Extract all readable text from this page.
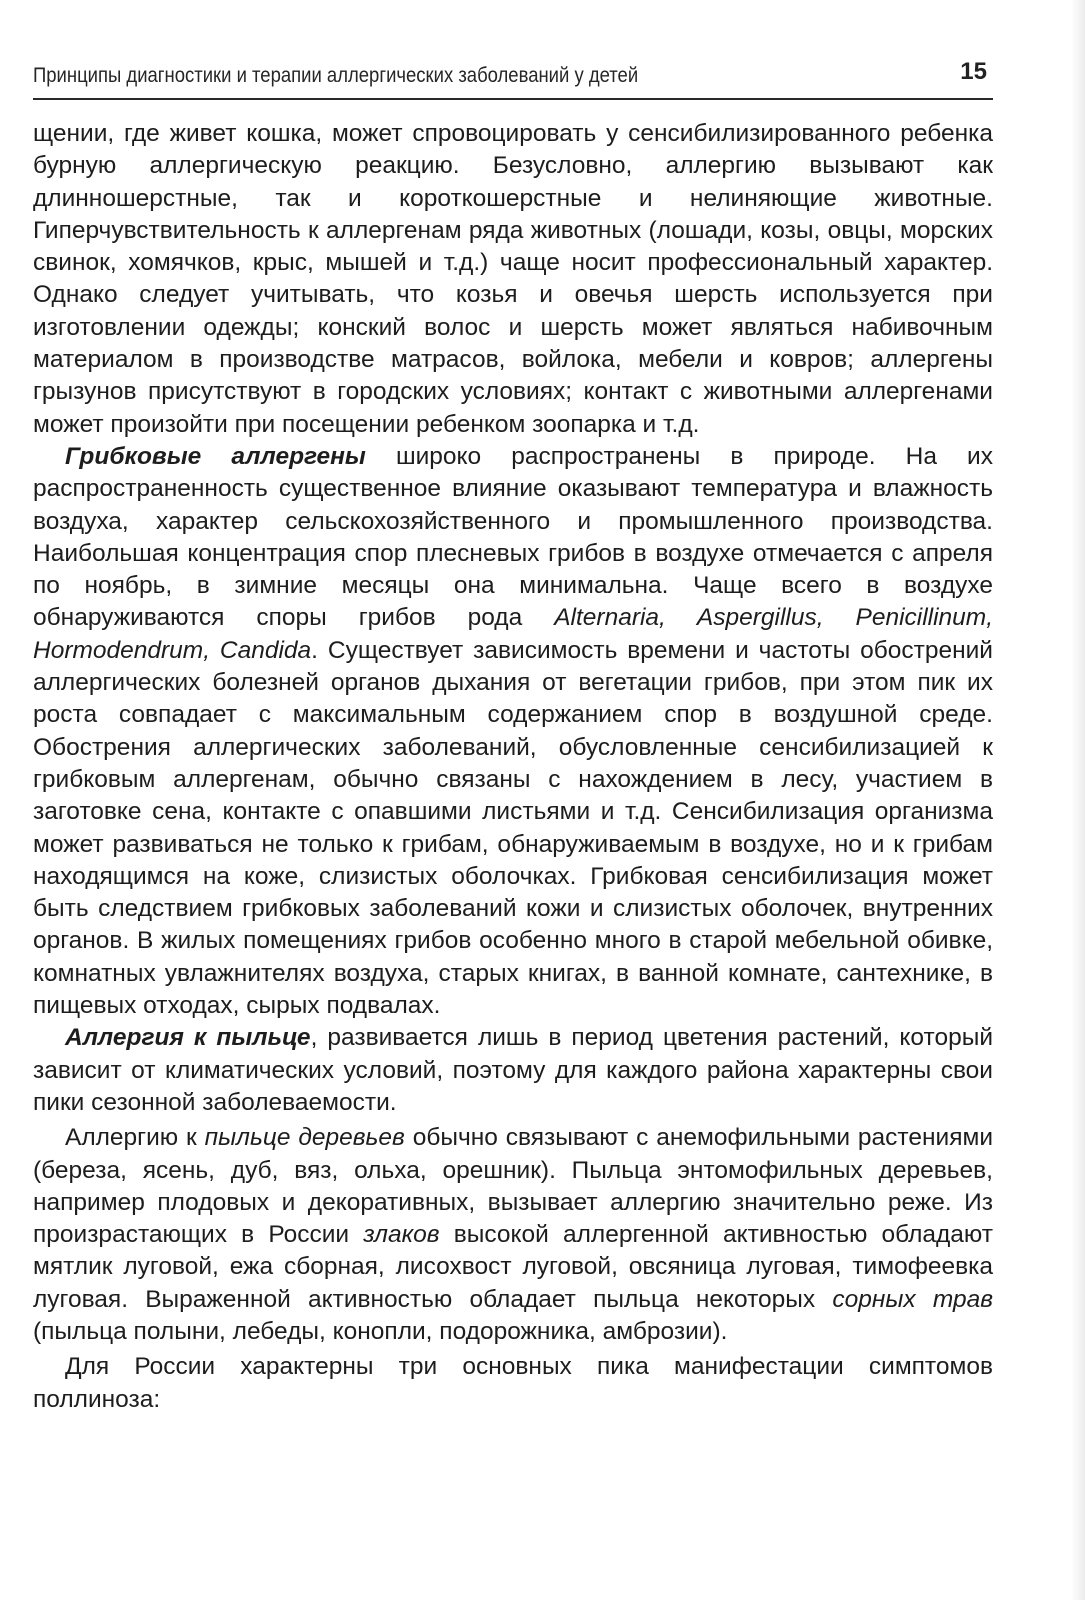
Принципы диагностики и терапии аллергических заболеваний у детей	15

щении, где живет кошка, может спровоцировать у сенсибилизированного ребенка бурную аллергическую реакцию. Безусловно, аллергию вызывают как длинношерстные, так и короткошерстные и нелиняющие животные. Гиперчувствительность к аллергенам ряда животных (лошади, козы, овцы, морских свинок, хомячков, крыс, мышей и т.д.) чаще носит профессиональный характер. Однако следует учитывать, что козья и овечья шерсть используется при изготовлении одежды; конский волос и шерсть может являться набивочным материалом в производстве матрасов, войлока, мебели и ковров; аллергены грызунов присутствуют в городских условиях; контакт с животными аллергенами может произойти при посещении ребенком зоопарка и т.д.

Грибковые аллергены широко распространены в природе. На их распространенность существенное влияние оказывают температура и влажность воздуха, характер сельскохозяйственного и промышленного производства. Наибольшая концентрация спор плесневых грибов в воздухе отмечается с апреля по ноябрь, в зимние месяцы она минимальна. Чаще всего в воздухе обнаруживаются споры грибов рода Alternaria, Aspergillus, Penicillinum, Hormodendrum, Candida. Существует зависимость времени и частоты обострений аллергических болезней органов дыхания от вегетации грибов, при этом пик их роста совпадает с максимальным содержанием спор в воздушной среде. Обострения аллергических заболеваний, обусловленные сенсибилизацией к грибковым аллергенам, обычно связаны с нахождением в лесу, участием в заготовке сена, контакте с опавшими листьями и т.д. Сенсибилизация организма может развиваться не только к грибам, обнаруживаемым в воздухе, но и к грибам находящимся на коже, слизистых оболочках. Грибковая сенсибилизация может быть следствием грибковых заболеваний кожи и слизистых оболочек, внутренних органов. В жилых помещениях грибов особенно много в старой мебельной обивке, комнатных увлажнителях воздуха, старых книгах, в ванной комнате, сантехнике, в пищевых отходах, сырых подвалах.

Аллергия к пыльце, развивается лишь в период цветения растений, который зависит от климатических условий, поэтому для каждого района характерны свои пики сезонной заболеваемости.

Аллергию к пыльце деревьев обычно связывают с анемофильными растениями (береза, ясень, дуб, вяз, ольха, орешник). Пыльца энтомофильных деревьев, например плодовых и декоративных, вызывает аллергию значительно реже. Из произрастающих в России злаков высокой аллергенной активностью обладают мятлик луговой, ежа сборная, лисохвост луговой, овсяница луговая, тимофеевка луговая. Выраженной активностью обладает пыльца некоторых сорных трав (пыльца полыни, лебеды, конопли, подорожника, амброзии).

Для России характерны три основных пика манифестации симптомов поллиноза:
